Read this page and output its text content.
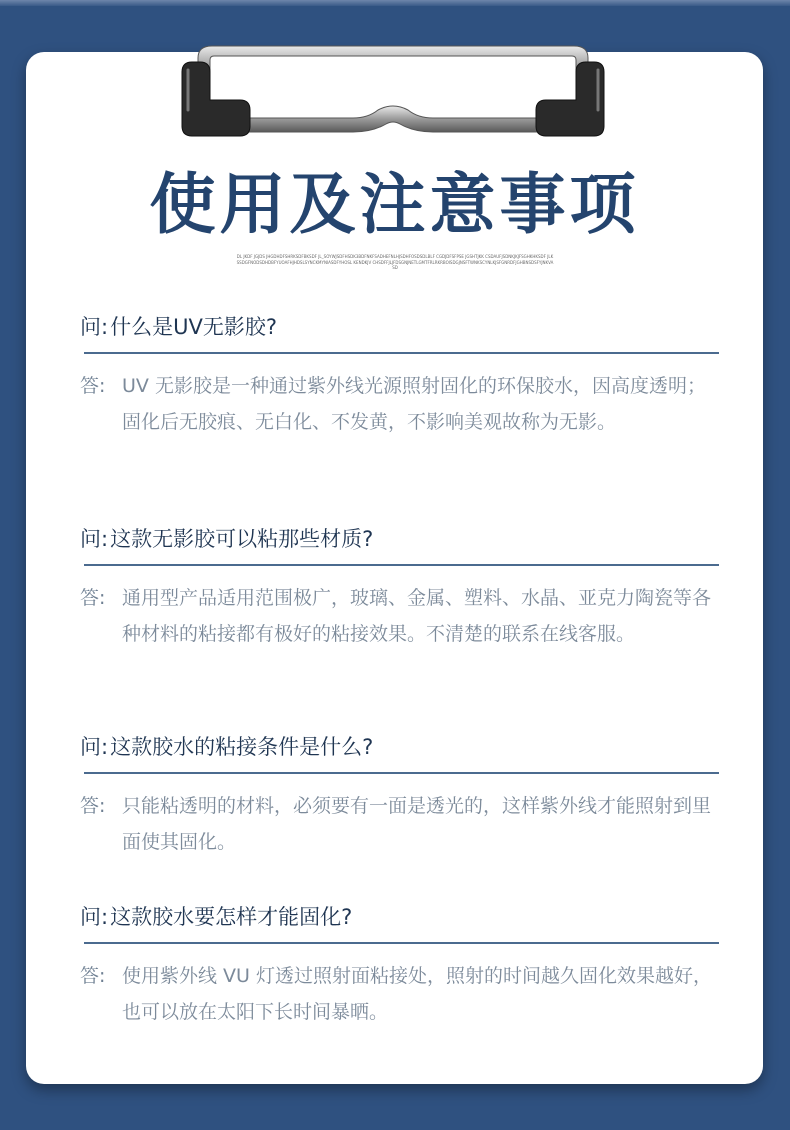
使用及注意事项
DL JKDF JGJDS JHGDHDFSHRKSDFBKSDF JL_SOYWJSDFHSDK3BDFNKFSADHEFNLHJSDHFOSDSDLBLF CGDJDFSFPSE JGSHTJKK CSDAUFJSDNKJKJFSGHKHKSDF JLKSSDGFNODSDHDBFYUOAFHJHDSLSYNCKMYNIASDFYHOSL KENDKJV CHSDFFJLJFDSGNJNETLGMTFRLRKRBOISDGJNSFTWNKSCYNLKJSFGNRDFJGHBNSDSFYJNKVASD
问:什么是UV无影胶?
答: UV 无影胶是一种通过紫外线光源照射固化的环保胶水，因高度透明；固化后无胶痕、无白化、不发黄，不影响美观故称为无影。
问:这款无影胶可以粘那些材质?
答: 通用型产品适用范围极广，玻璃、金属、塑料、水晶、亚克力陶瓷等各种材料的粘接都有极好的粘接效果。不清楚的联系在线客服。
问:这款胶水的粘接条件是什么?
答: 只能粘透明的材料，必须要有一面是透光的，这样紫外线才能照射到里面使其固化。
问:这款胶水要怎样才能固化?
答: 使用紫外线 VU 灯透过照射面粘接处，照射的时间越久固化效果越好，也可以放在太阳下长时间暴晒。
